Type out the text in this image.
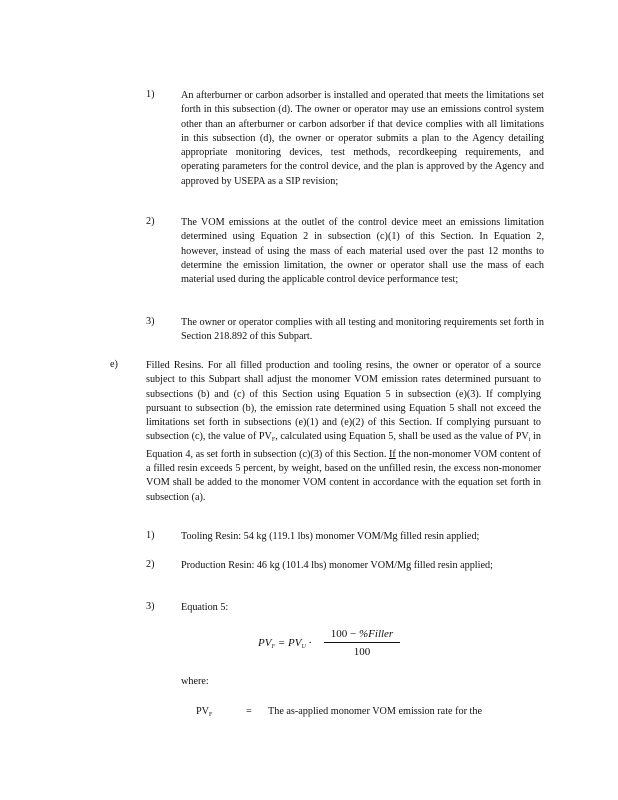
1)	An afterburner or carbon adsorber is installed and operated that meets the limitations set forth in this subsection (d). The owner or operator may use an emissions control system other than an afterburner or carbon adsorber if that device complies with all limitations in this subsection (d), the owner or operator submits a plan to the Agency detailing appropriate monitoring devices, test methods, recordkeeping requirements, and operating parameters for the control device, and the plan is approved by the Agency and approved by USEPA as a SIP revision;
2)	The VOM emissions at the outlet of the control device meet an emissions limitation determined using Equation 2 in subsection (c)(1) of this Section. In Equation 2, however, instead of using the mass of each material used over the past 12 months to determine the emission limitation, the owner or operator shall use the mass of each material used during the applicable control device performance test;
3)	The owner or operator complies with all testing and monitoring requirements set forth in Section 218.892 of this Subpart.
e)	Filled Resins. For all filled production and tooling resins, the owner or operator of a source subject to this Subpart shall adjust the monomer VOM emission rates determined pursuant to subsections (b) and (c) of this Section using Equation 5 in subsection (e)(3). If complying pursuant to subsection (b), the emission rate determined using Equation 5 shall not exceed the limitations set forth in subsections (e)(1) and (e)(2) of this Section. If complying pursuant to subsection (c), the value of $PV_F$, calculated using Equation 5, shall be used as the value of $PV_i$ in Equation 4, as set forth in subsection (c)(3) of this Section. If the non-monomer VOM content of a filled resin exceeds 5 percent, by weight, based on the unfilled resin, the excess non-monomer VOM shall be added to the monomer VOM content in accordance with the equation set forth in subsection (a).
1)	Tooling Resin: 54 kg (119.1 lbs) monomer VOM/Mg filled resin applied;
2)	Production Resin: 46 kg (101.4 lbs) monomer VOM/Mg filled resin applied;
3)	Equation 5:
$PV_F = PV_U$ ·
100 − %Filler
100
where:
$PV_F$	= The as-applied monomer VOM emission rate for the
